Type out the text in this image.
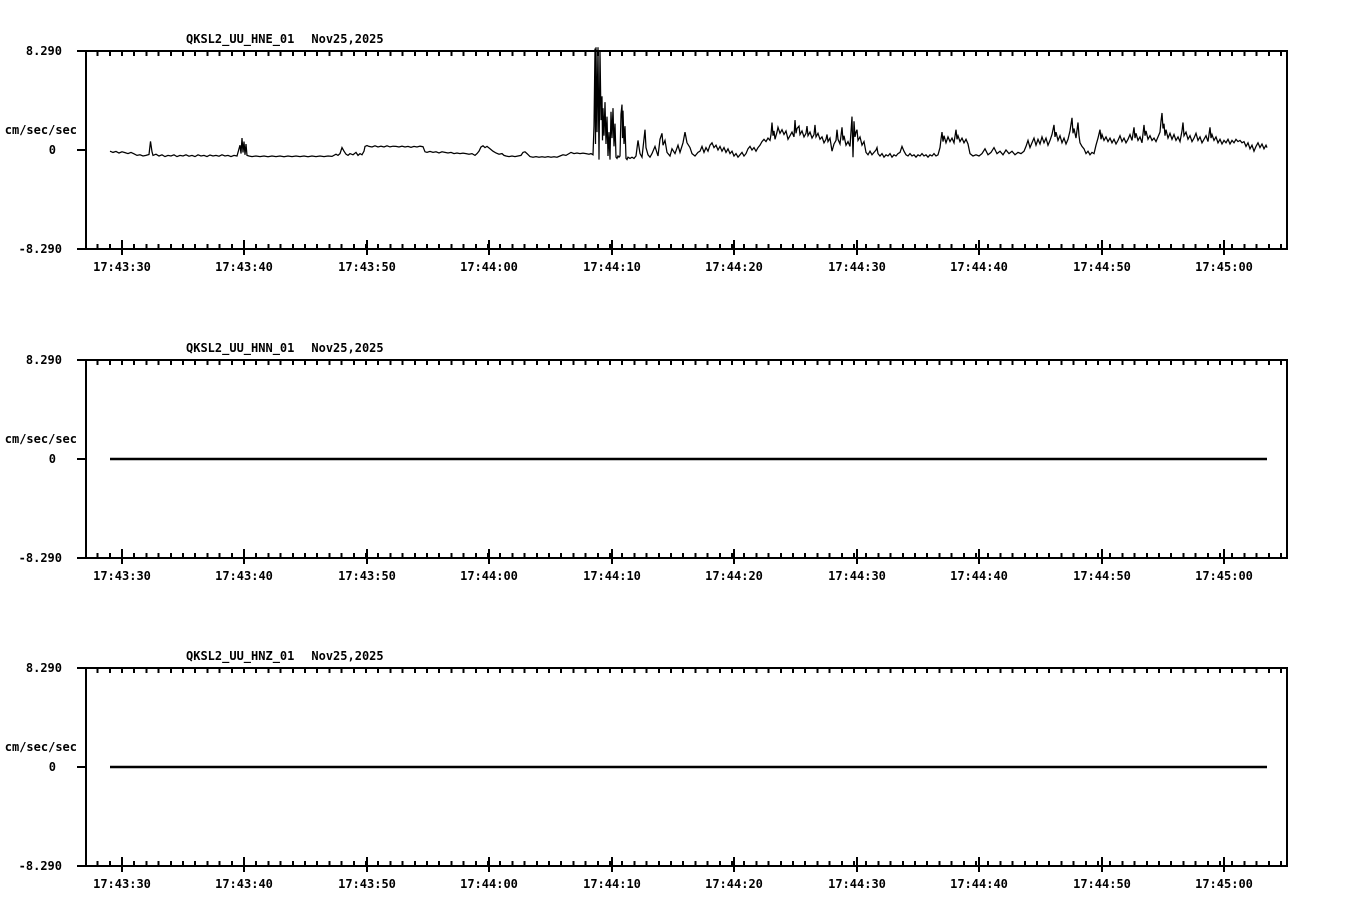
QKSL2_UU_HNE_01 Nov25,2025
8.290
cm/sec/sec
0
-8.290
17:43:30	17:43:40	17:43:50	17:44:00	17:44:10	17:44:20	17:44:30	17:44:40	17:44:50	17:45:00
QKSL2_UU_HNN_01 Nov25,2025
8.290
cm/sec/sec
0
-8.290
17:43:30	17:43:40	17:43:50	17:44:00	17:44:10	17:44:20	17:44:30	17:44:40	17:44:50	17:45:00
QKSL2_UU_HNZ_01 Nov25,2025
8.290
cm/sec/sec
0
-8.290
17:43:30	17:43:40	17:43:50	17:44:00	17:44:10	17:44:20	17:44:30	17:44:40	17:44:50	17:45:00
